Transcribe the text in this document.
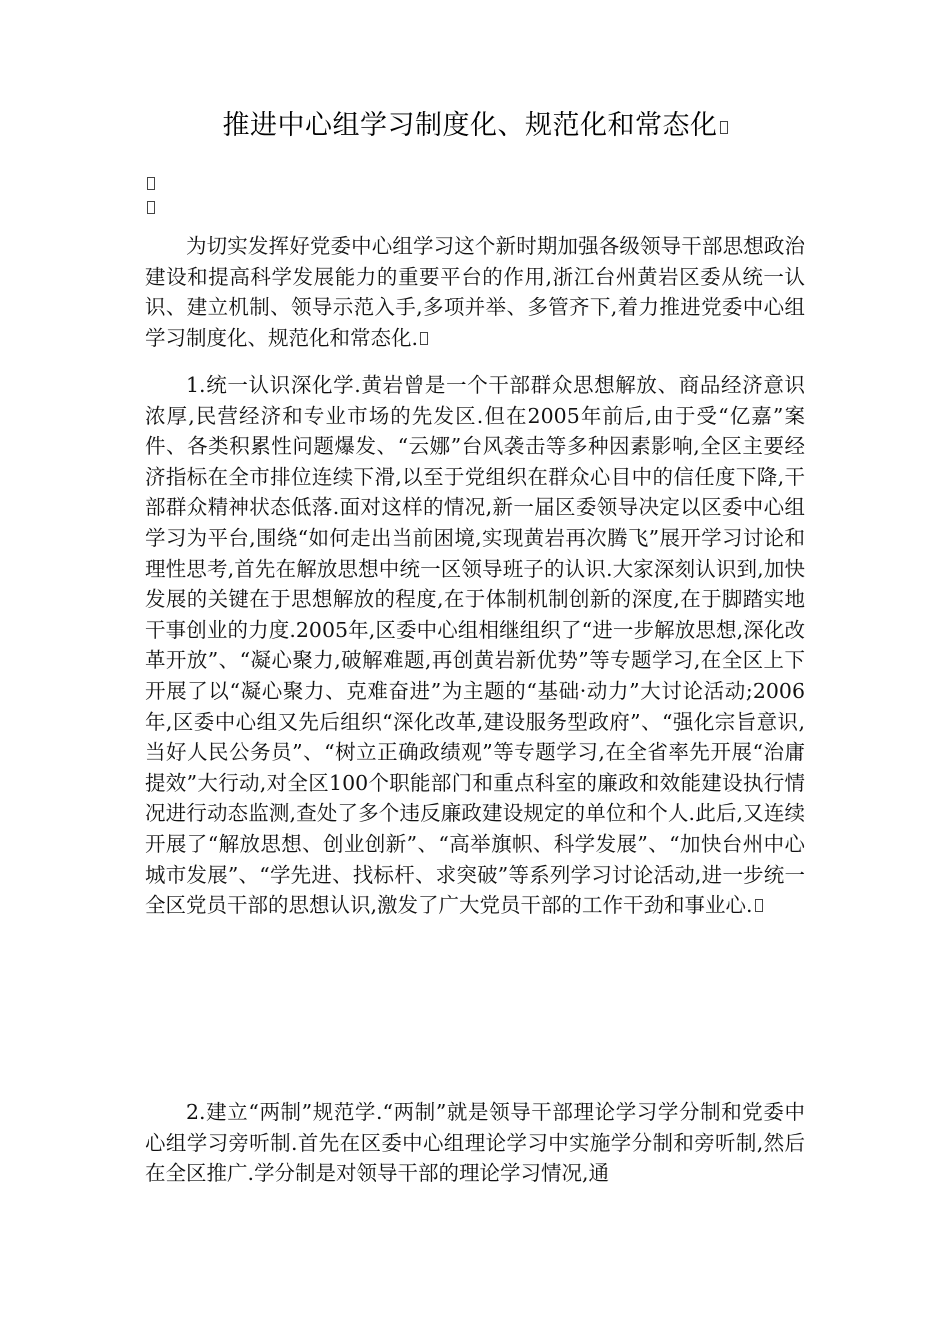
推进中心组学习制度化、规范化和常态化

为切实发挥好党委中心组学习这个新时期加强各级领导干部思想政治建设和提高科学发展能力的重要平台的作用,浙江台州黄岩区委从统一认识、建立机制、领导示范入手,多项并举、多管齐下,着力推进党委中心组学习制度化、规范化和常态化.

1.统一认识深化学.黄岩曾是一个干部群众思想解放、商品经济意识浓厚,民营经济和专业市场的先发区.但在2005年前后,由于受“亿嘉”案件、各类积累性问题爆发、“云娜”台风袭击等多种因素影响,全区主要经济指标在全市排位连续下滑,以至于党组织在群众心目中的信任度下降,干部群众精神状态低落.面对这样的情况,新一届区委领导决定以区委中心组学习为平台,围绕“如何走出当前困境,实现黄岩再次腾飞”展开学习讨论和理性思考,首先在解放思想中统一区领导班子的认识.大家深刻认识到,加快发展的关键在于思想解放的程度,在于体制机制创新的深度,在于脚踏实地干事创业的力度.2005年,区委中心组相继组织了“进一步解放思想,深化改革开放”、“凝心聚力,破解难题,再创黄岩新优势”等专题学习,在全区上下开展了以“凝心聚力、克难奋进”为主题的“基础·动力”大讨论活动;2006年,区委中心组又先后组织“深化改革,建设服务型政府”、“强化宗旨意识,当好人民公务员”、“树立正确政绩观”等专题学习,在全省率先开展“治庸提效”大行动,对全区100个职能部门和重点科室的廉政和效能建设执行情况进行动态监测,查处了多个违反廉政建设规定的单位和个人.此后,又连续开展了“解放思想、创业创新”、“高举旗帜、科学发展”、“加快台州中心城市发展”、“学先进、找标杆、求突破”等系列学习讨论活动,进一步统一全区党员干部的思想认识,激发了广大党员干部的工作干劲和事业心.

2.建立“两制”规范学.“两制”就是领导干部理论学习学分制和党委中心组学习旁听制.首先在区委中心组理论学习中实施学分制和旁听制,然后在全区推广.学分制是对领导干部的理论学习情况,通
